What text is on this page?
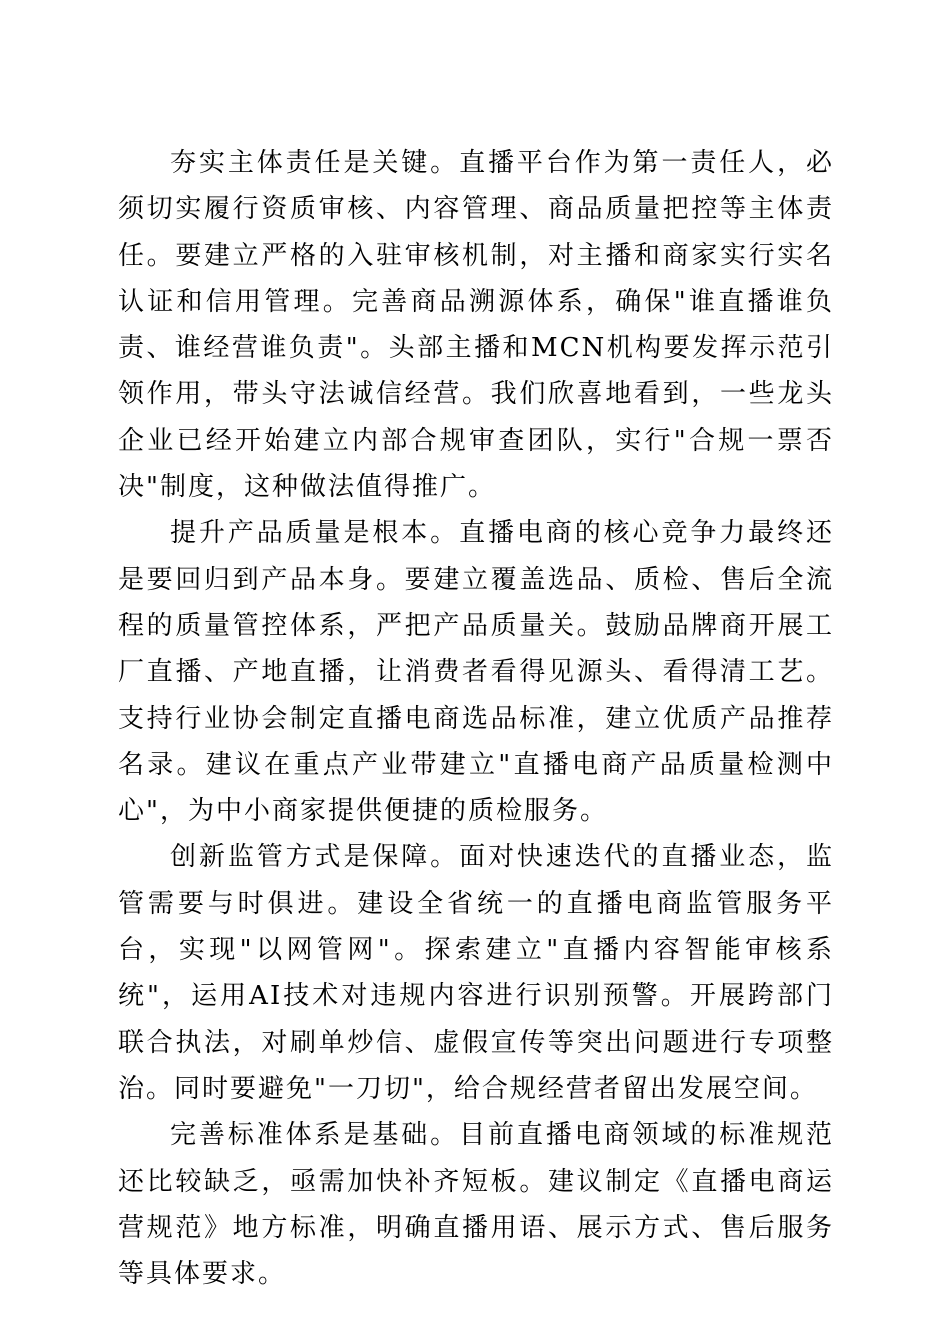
夯实主体责任是关键。直播平台作为第一责任人，必须切实履行资质审核、内容管理、商品质量把控等主体责任。要建立严格的入驻审核机制，对主播和商家实行实名认证和信用管理。完善商品溯源体系，确保"谁直播谁负责、谁经营谁负责"。头部主播和MCN机构要发挥示范引领作用，带头守法诚信经营。我们欣喜地看到，一些龙头企业已经开始建立内部合规审查团队，实行"合规一票否决"制度，这种做法值得推广。

提升产品质量是根本。直播电商的核心竞争力最终还是要回归到产品本身。要建立覆盖选品、质检、售后全流程的质量管控体系，严把产品质量关。鼓励品牌商开展工厂直播、产地直播，让消费者看得见源头、看得清工艺。支持行业协会制定直播电商选品标准，建立优质产品推荐名录。建议在重点产业带建立"直播电商产品质量检测中心"，为中小商家提供便捷的质检服务。

创新监管方式是保障。面对快速迭代的直播业态，监管需要与时俱进。建设全省统一的直播电商监管服务平台，实现"以网管网"。探索建立"直播内容智能审核系统"，运用AI技术对违规内容进行识别预警。开展跨部门联合执法，对刷单炒信、虚假宣传等突出问题进行专项整治。同时要避免"一刀切"，给合规经营者留出发展空间。

完善标准体系是基础。目前直播电商领域的标准规范还比较缺乏，亟需加快补齐短板。建议制定《直播电商运营规范》地方标准，明确直播用语、展示方式、售后服务等具体要求。
